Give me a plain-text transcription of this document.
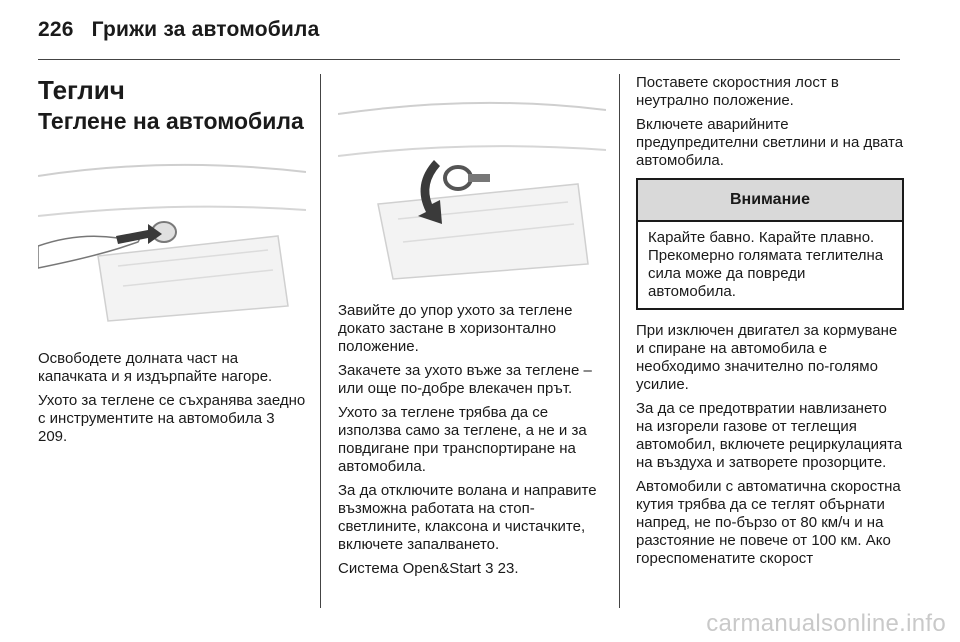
226 Грижи за автомобила
Теглич
Теглене на автомобила

Освободете долната част на капачката и я издърпайте нагоре.

Ухото за теглене се съхранява заедно с инструментите на автомобила 3 209.

Завийте до упор ухото за теглене докато застане в хоризонтално положение.

Закачете за ухото въже за теглене – или още по-добре влекачен прът.

Ухото за теглене трябва да се използва само за теглене, а не и за повдигане при транспортиране на автомобила.

За да отключите волана и направите възможна работата на стоп-светлините, клаксона и чистачките, включете запалването.

Система Open&Start 3 23.

Поставете скоростния лост в неутрално положение.

Включете аварийните предупредителни светлини и на двата автомобила.

Внимание

Карайте бавно. Карайте плавно. Прекомерно голямата теглителна сила може да повреди автомобила.

При изключен двигател за кормуване и спиране на автомобила е необходимо значително по-голямо усилие.

За да се предотвратии навлизането на изгорели газове от теглещия автомобил, включете рециркулацията на въздуха и затворете прозорците.

Автомобили с автоматична скоростна кутия трябва да се теглят обърнати напред, не по-бързо от 80 км/ч и на разстояние не повече от 100 км. Ако гореспоменатите скорост

carmanualsonline.info
